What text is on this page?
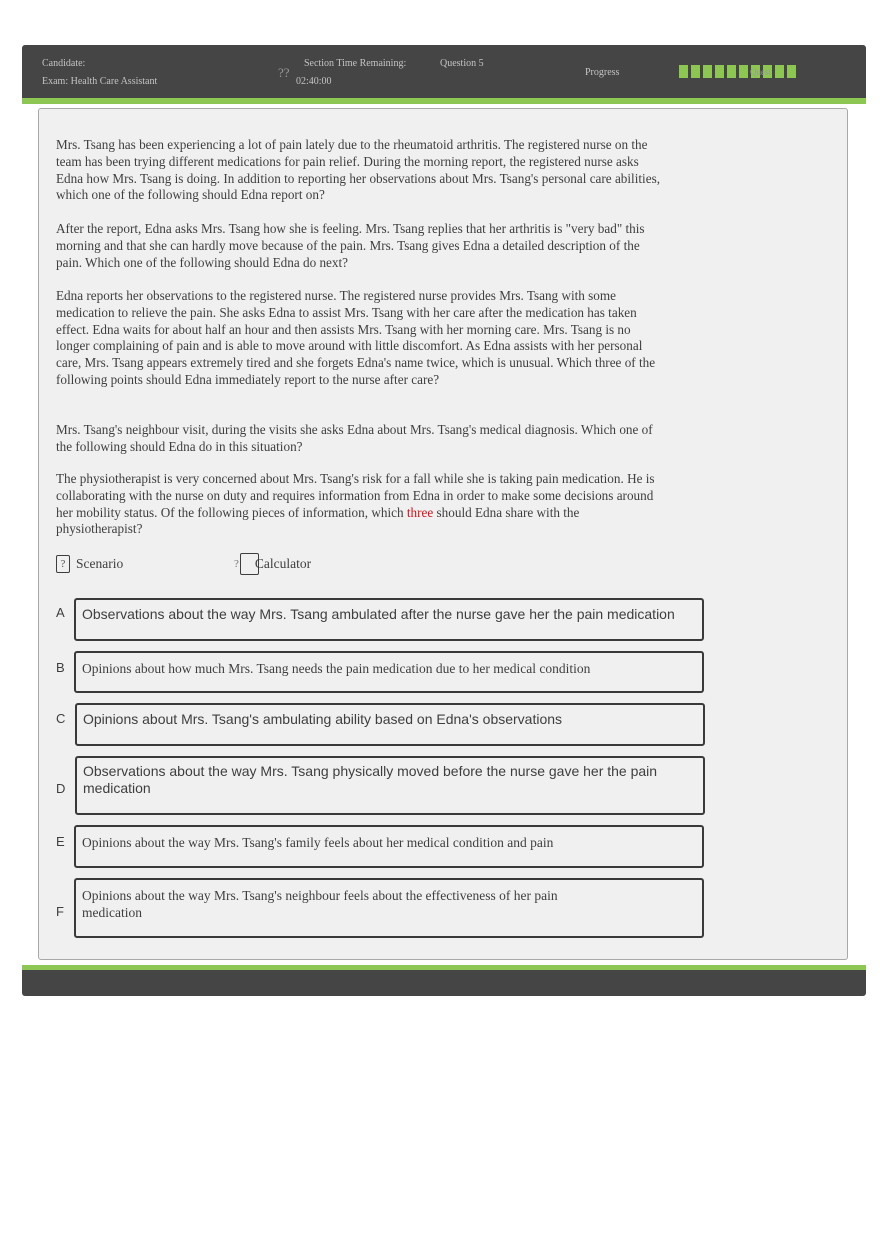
Candidate:
Exam: Health Care Assistant
??
Section Time Remaining:
02:40:00
Question 5
Progress	Quest

Mrs. Tsang has been experiencing a lot of pain lately due to the rheumatoid arthritis. The registered nurse on the team has been trying different medications for pain relief. During the morning report, the registered nurse asks Edna how Mrs. Tsang is doing. In addition to reporting her observations about Mrs. Tsang's personal care abilities, which one of the following should Edna report on?

After the report, Edna asks Mrs. Tsang how she is feeling. Mrs. Tsang replies that her arthritis is "very bad" this morning and that she can hardly move because of the pain. Mrs. Tsang gives Edna a detailed description of the pain. Which one of the following should Edna do next?

Edna reports her observations to the registered nurse. The registered nurse provides Mrs. Tsang with some medication to relieve the pain. She asks Edna to assist Mrs. Tsang with her care after the medication has taken effect. Edna waits for about half an hour and then assists Mrs. Tsang with her morning care. Mrs. Tsang is no longer complaining of pain and is able to move around with little discomfort. As Edna assists with her personal care, Mrs. Tsang appears extremely tired and she forgets Edna's name twice, which is unusual. Which three of the following points should Edna immediately report to the nurse after care?

Mrs. Tsang's neighbour visit, during the visits she asks Edna about Mrs. Tsang's medical diagnosis. Which one of the following should Edna do in this situation?

The physiotherapist is very concerned about Mrs. Tsang's risk for a fall while she is taking pain medication. He is collaborating with the nurse on duty and requires information from Edna in order to make some decisions around her mobility status. Of the following pieces of information, which three should Edna share with the physiotherapist?

? Scenario	? Calculator
A	Observations about the way Mrs. Tsang ambulated after the nurse gave her the pain medication
B	Opinions about how much Mrs. Tsang needs the pain medication due to her medical condition
C	Opinions about Mrs. Tsang's ambulating ability based on Edna's observations
D
Observations about the way Mrs. Tsang physically moved before the nurse gave her the pain medication
E	Opinions about the way Mrs. Tsang's family feels about her medical condition and pain
F
Opinions about the way Mrs. Tsang's neighbour feels about the effectiveness of her pain medication
